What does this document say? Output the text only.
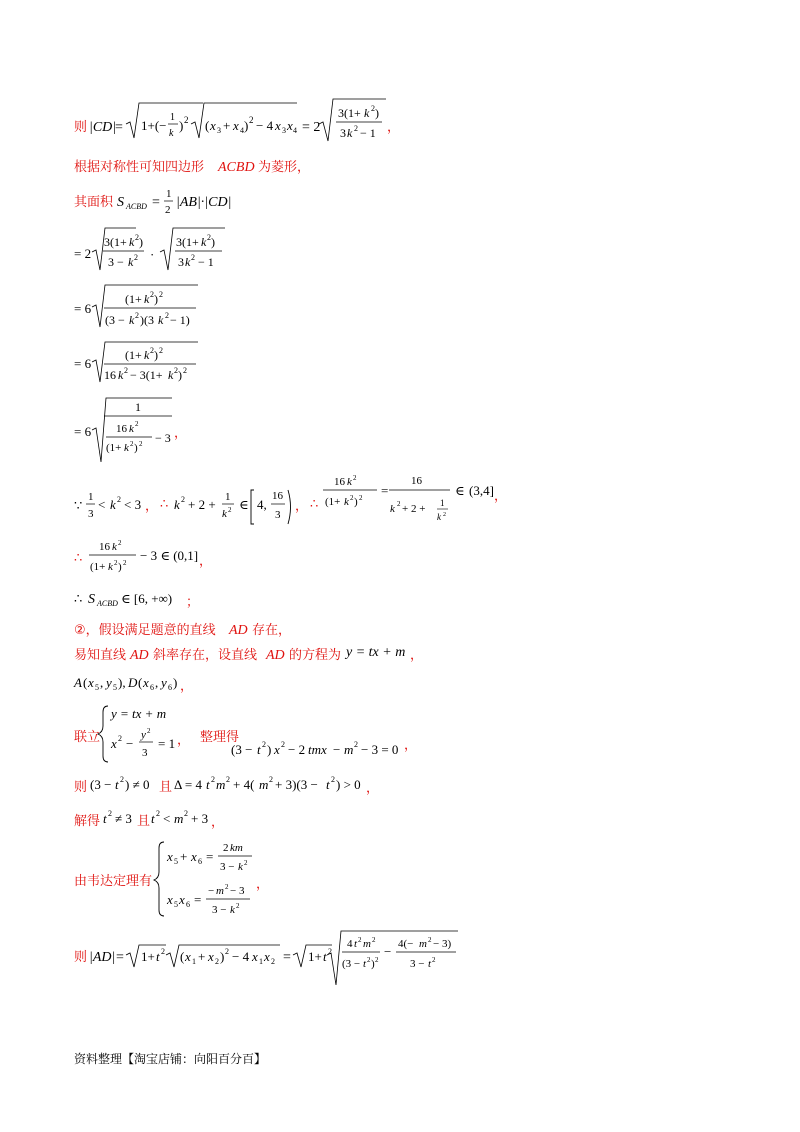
则 |CD|
= 1+(−
1
k
) 2 ( x 3 + x 4 ) 2 − 4 x 3 x 4 = 2
3(1+ k 2 )
3 k 2 − 1 ，
根据对称性可知四边形 ACBD 为菱形，
其面积 S ACBD =
1
2 |AB|·|CD|
= 2
3(1+ k 2 )
3 − k 2 ·
3(1+ k 2 )
3 k 2 − 1
= 6
(1+ k 2 ) 2
(3 − k 2 )(3 k 2 − 1)
= 6
(1+ k 2 ) 2
16 k 2 − 3(1+ k 2 ) 2
= 6
1
16 k 2
(1+ k 2 ) 2 − 3 ，
∵
1
3
< k 2 < 3 ， ∴ k 2 + 2 + 1
k 2 ∈ 4,
16
3
， ∴
16 k 2
(1+ k 2 ) 2 =
16
k 2 + 2 + 1
k 2
∈ (3,4] ，
∴
16 k 2
(1+ k 2 ) 2 − 3 ∈ (0,1] ，
∴ S ACBD ∈ [6, +∞) ；
②，假设满足题意的直线 AD 存在，
易知直线 AD 斜率存在，设直线 AD 的方程为 y = tx + m ，
A ( x 5 , y 5 ), D ( x 6 , y 6 ) ，
联立
y = tx + m
x 2 −
y 2
3
= 1 ， 整理得
(3 − t 2 ) x 2 − 2 tmx − m 2 − 3 = 0 ，
则 (3 − t 2 ) ≠ 0 且 Δ = 4 t 2 m 2 + 4( m 2 + 3)(3 − t 2 ) > 0 ，
解得 t 2 ≠ 3 且 t 2 < m 2 + 3 ，
由韦达定理有
x 5 + x 6 =
2 km
3 − k 2
x 5 x 6 =
− m 2 − 3
3 − k 2
，
则 |AD| = 1+ t 2 ( x 1 + x 2 ) 2 − 4 x 1 x 2 = 1+ t 2
4 t 2 m 2
(3 − t 2 ) 2
− 4(− m 2 − 3)
3 − t 2
资料整理【淘宝店铺：向阳百分百】
